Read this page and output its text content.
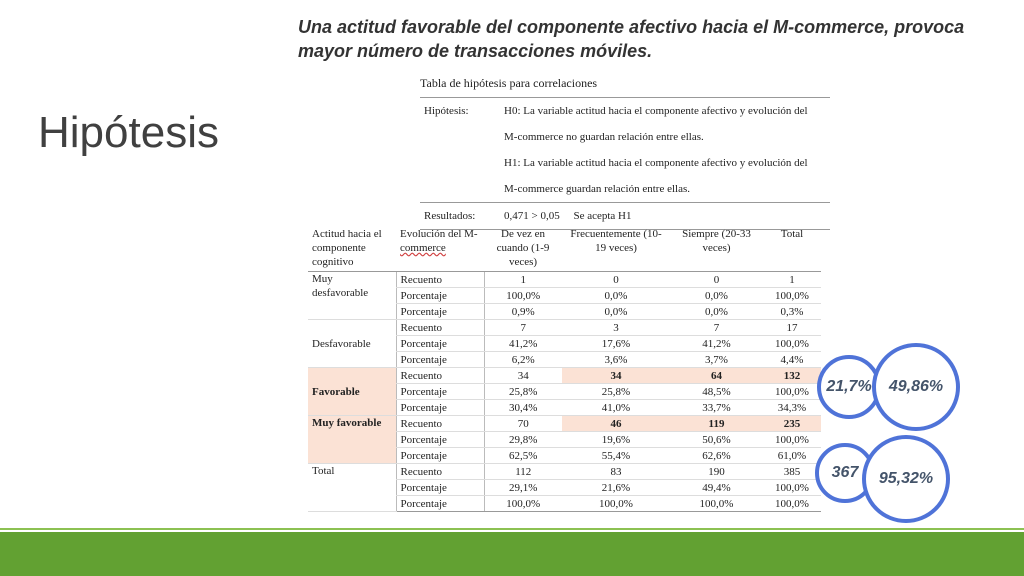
Hipótesis
Una actitud favorable del componente afectivo hacia el M-commerce, provoca mayor número de transacciones móviles.
Tabla de hipótesis para correlaciones
Hipótesis:	H0: La variable actitud hacia el componente afectivo y evolución del
	M-commerce no guardan relación entre ellas.
	H1: La variable actitud hacia el componente afectivo y evolución del
	M-commerce guardan relación entre ellas.
Resultados:	0,471 > 0,05 Se acepta H1
Actitud hacia el componente cognitivo	Evolución del M-
commerce	De vez en cuando (1-9 veces)	Frecuentemente (10-19 veces)	Siempre (20-33 veces)	Total
Muy desfavorable	Recuento	1	0	0	1
	Porcentaje	100,0%	0,0%	0,0%	100,0%
	Porcentaje	0,9%	0,0%	0,0%	0,3%
Desfavorable	Recuento	7	3	7	17
	Porcentaje	41,2%	17,6%	41,2%	100,0%
	Porcentaje	6,2%	3,6%	3,7%	4,4%
Favorable	Recuento	34	34	64	132
	Porcentaje	25,8%	25,8%	48,5%	100,0%
	Porcentaje	30,4%	41,0%	33,7%	34,3%
Muy favorable	Recuento	70	46	119	235
	Porcentaje	29,8%	19,6%	50,6%	100,0%
	Porcentaje	62,5%	55,4%	62,6%	61,0%
Total	Recuento	112	83	190	385
	Porcentaje	29,1%	21,6%	49,4%	100,0%
	Porcentaje	100,0%	100,0%	100,0%	100,0%
21,7%	49,86%
367	95,32%
